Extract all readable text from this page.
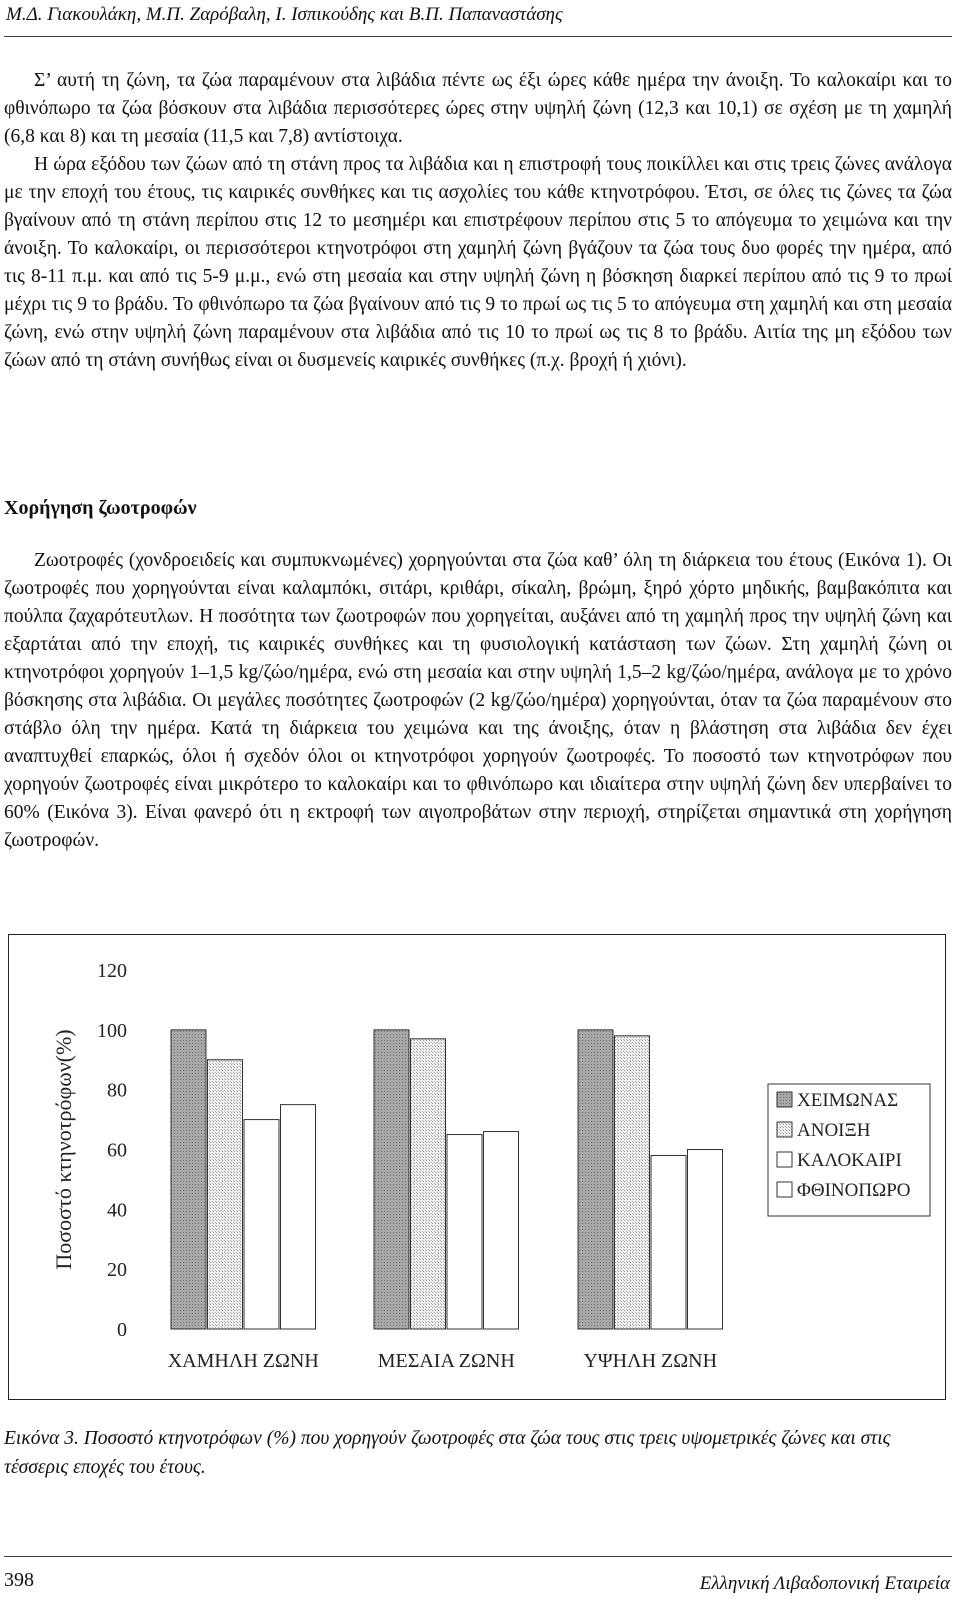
Μ.Δ. Γιακουλάκη, Μ.Π. Ζαρόβαλη, Ι. Ισπικούδης και Β.Π. Παπαναστάσης

Σ’ αυτή τη ζώνη, τα ζώα παραμένουν στα λιβάδια πέντε ως έξι ώρες κάθε ημέρα την άνοιξη. Το καλοκαίρι και το φθινόπωρο τα ζώα βόσκουν στα λιβάδια περισσότερες ώρες στην υψηλή ζώνη (12,3 και 10,1) σε σχέση με τη χαμηλή (6,8 και 8) και τη μεσαία (11,5 και 7,8) αντίστοιχα.

Η ώρα εξόδου των ζώων από τη στάνη προς τα λιβάδια και η επιστροφή τους ποικίλλει και στις τρεις ζώνες ανάλογα με την εποχή του έτους, τις καιρικές συνθήκες και τις ασχολίες του κάθε κτηνοτρόφου. Έτσι, σε όλες τις ζώνες τα ζώα βγαίνουν από τη στάνη περίπου στις 12 το μεσημέρι και επιστρέφουν περίπου στις 5 το απόγευμα το χειμώνα και την άνοιξη. Το καλοκαίρι, οι περισσότεροι κτηνοτρόφοι στη χαμηλή ζώνη βγάζουν τα ζώα τους δυο φορές την ημέρα, από τις 8-11 π.μ. και από τις 5-9 μ.μ., ενώ στη μεσαία και στην υψηλή ζώνη η βόσκηση διαρκεί περίπου από τις 9 το πρωί μέχρι τις 9 το βράδυ. Το φθινόπωρο τα ζώα βγαίνουν από τις 9 το πρωί ως τις 5 το απόγευμα στη χαμηλή και στη μεσαία ζώνη, ενώ στην υψηλή ζώνη παραμένουν στα λιβάδια από τις 10 το πρωί ως τις 8 το βράδυ. Αιτία της μη εξόδου των ζώων από τη στάνη συνήθως είναι οι δυσμενείς καιρικές συνθήκες (π.χ. βροχή ή χιόνι).

Χορήγηση ζωοτροφών

Ζωοτροφές (χονδροειδείς και συμπυκνωμένες) χορηγούνται στα ζώα καθ’ όλη τη διάρκεια του έτους (Εικόνα 1). Οι ζωοτροφές που χορηγούνται είναι καλαμπόκι, σιτάρι, κριθάρι, σίκαλη, βρώμη, ξηρό χόρτο μηδικής, βαμβακόπιτα και πούλπα ζαχαρότευτλων. Η ποσότητα των ζωοτροφών που χορηγείται, αυξάνει από τη χαμηλή προς την υψηλή ζώνη και εξαρτάται από την εποχή, τις καιρικές συνθήκες και τη φυσιολογική κατάσταση των ζώων. Στη χαμηλή ζώνη οι κτηνοτρόφοι χορηγούν 1–1,5 kg/ζώο/ημέρα, ενώ στη μεσαία και στην υψηλή 1,5–2 kg/ζώο/ημέρα, ανάλογα με το χρόνο βόσκησης στα λιβάδια. Οι μεγάλες ποσότητες ζωοτροφών (2 kg/ζώο/ημέρα) χορηγούνται, όταν τα ζώα παραμένουν στο στάβλο όλη την ημέρα. Κατά τη διάρκεια του χειμώνα και της άνοιξης, όταν η βλάστηση στα λιβάδια δεν έχει αναπτυχθεί επαρκώς, όλοι ή σχεδόν όλοι οι κτηνοτρόφοι χορηγούν ζωοτροφές. Το ποσοστό των κτηνοτρόφων που χορηγούν ζωοτροφές είναι μικρότερο το καλοκαίρι και το φθινόπωρο και ιδιαίτερα στην υψηλή ζώνη δεν υπερβαίνει το 60% (Εικόνα 3). Είναι φανερό ότι η εκτροφή των αιγοπροβάτων στην περιοχή, στηρίζεται σημαντικά στη χορήγηση ζωοτροφών.

0
20
40
60
80
100
120
Ποσοστό κτηνοτρόφων(%)
ΧΑΜΗΛΗ ΖΩΝΗ	ΜΕΣΑΙΑ ΖΩΝΗ	ΥΨΗΛΗ ΖΩΝΗ
ΧΕΙΜΩΝΑΣ
ΑΝΟΙΞΗ
ΚΑΛΟΚΑΙΡΙ
ΦΘΙΝΟΠΩΡΟ
Εικόνα 3. Ποσοστό κτηνοτρόφων (%) που χορηγούν ζωοτροφές στα ζώα τους στις τρεις υψομετρικές ζώνες και στις τέσσερις εποχές του έτους.
398	Ελληνική Λιβαδοπονική Εταιρεία
